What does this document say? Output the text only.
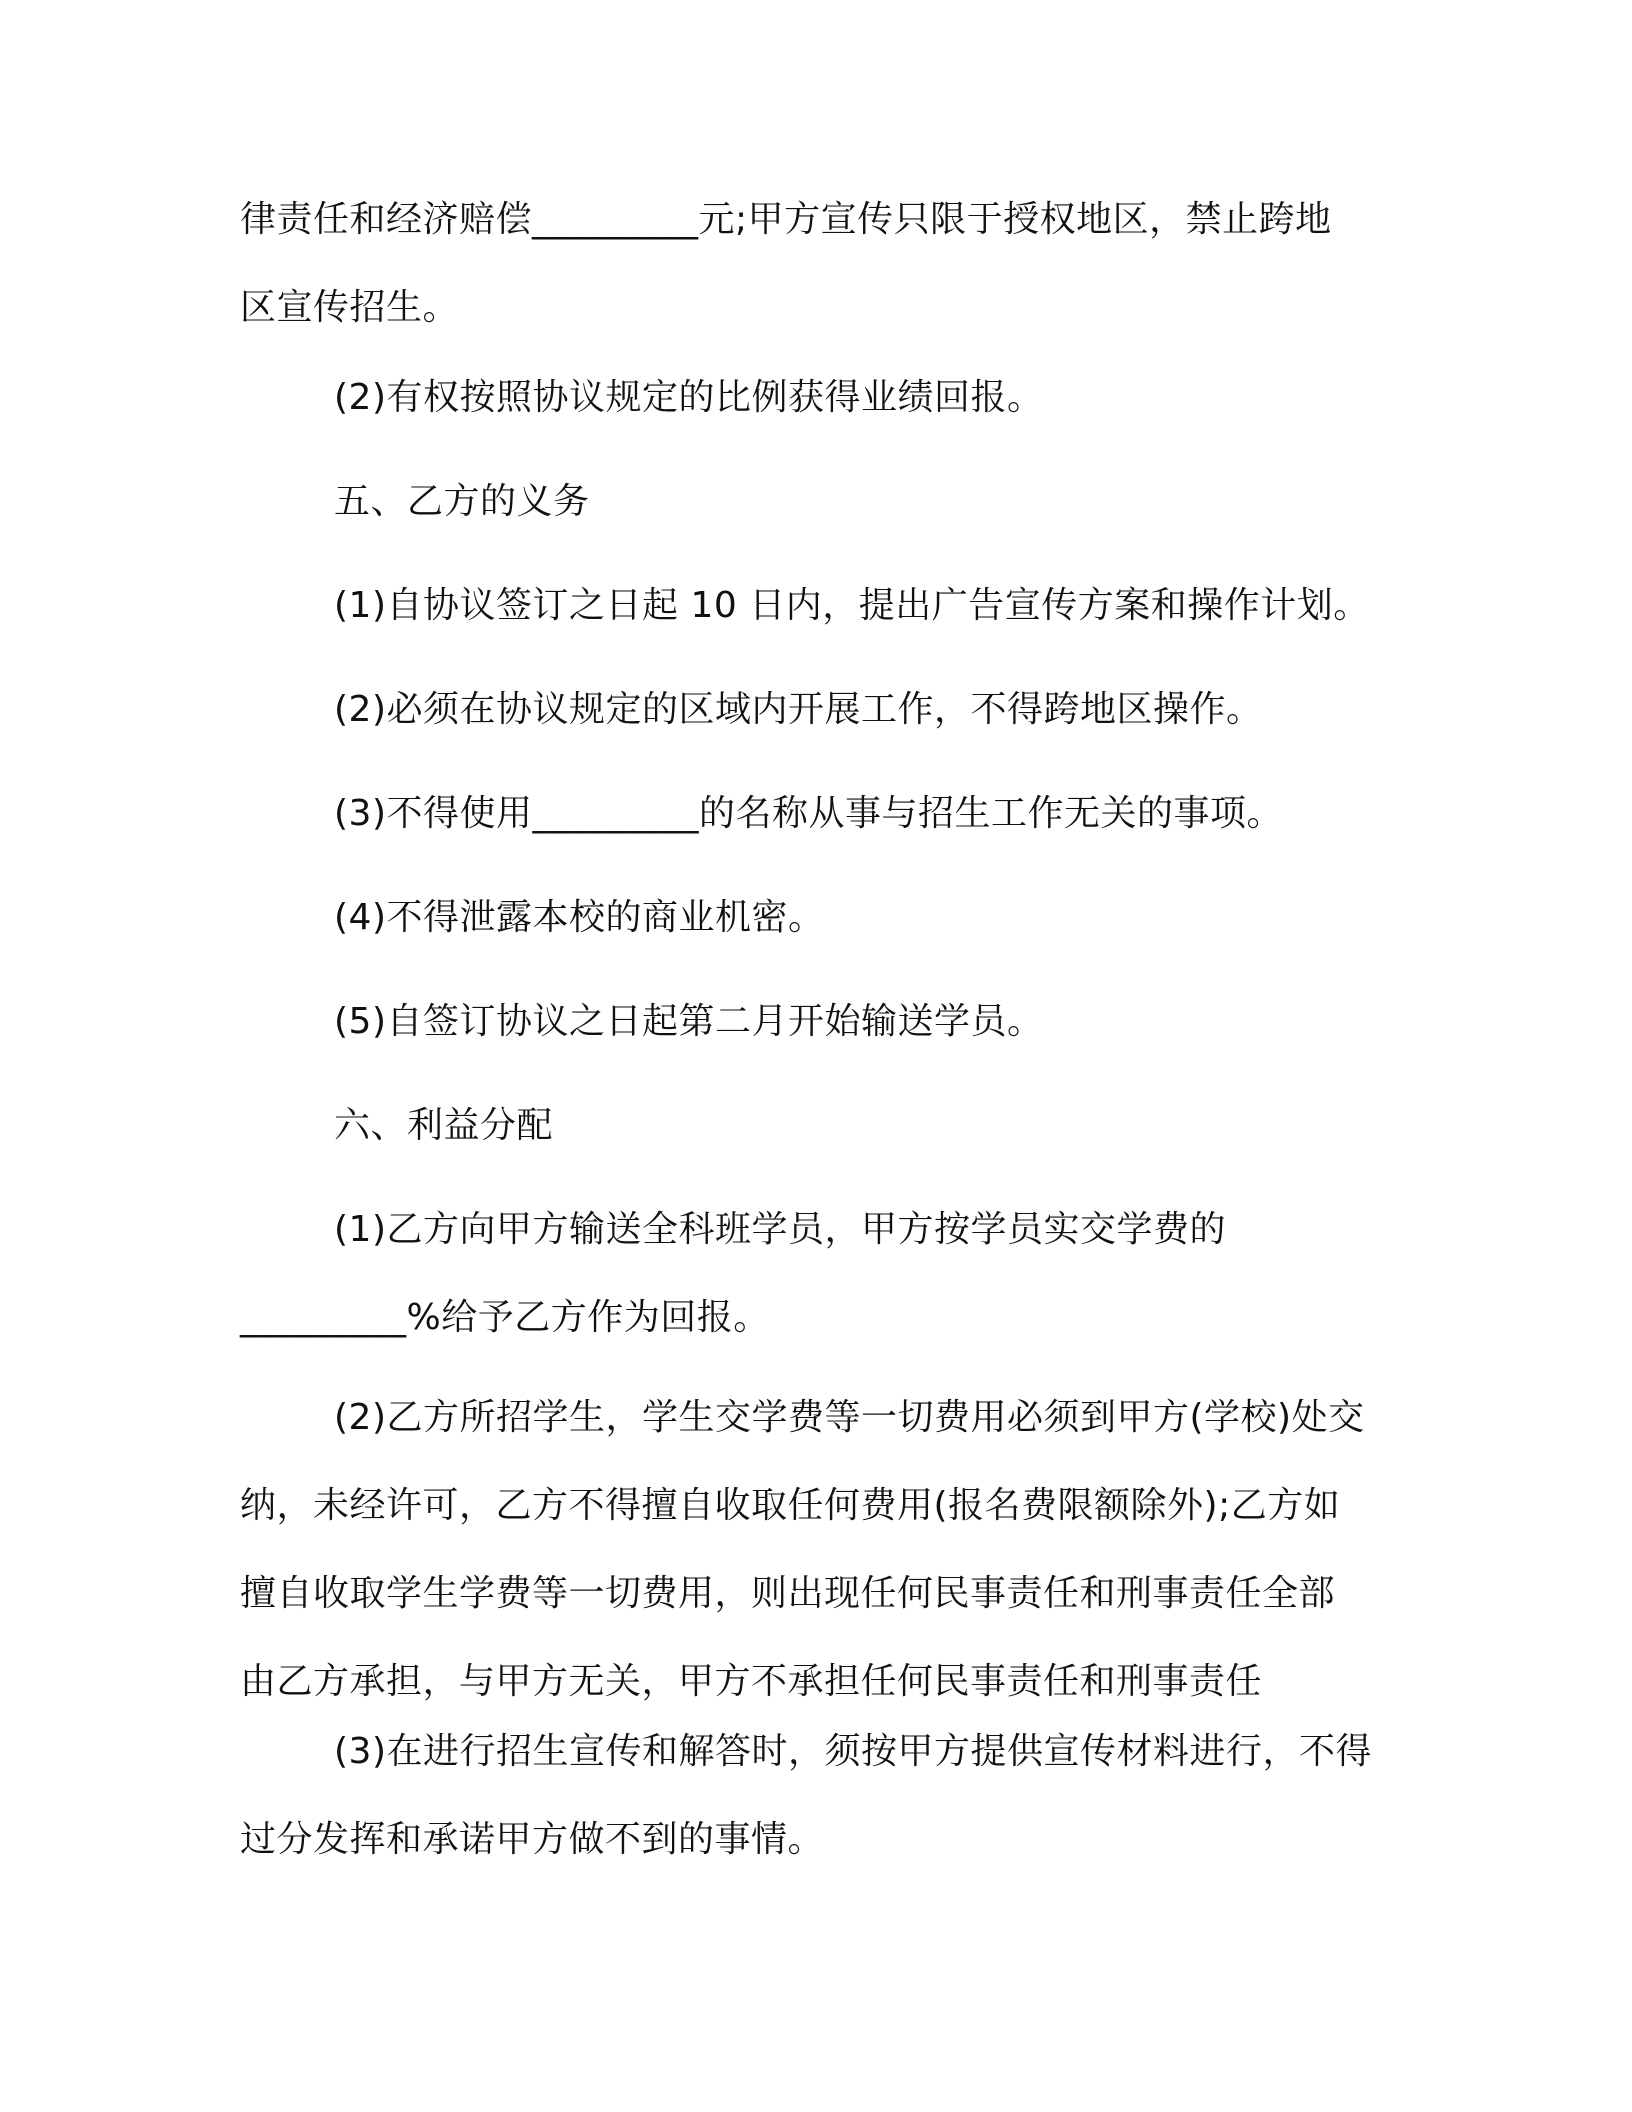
律责任和经济赔偿_________元;甲方宣传只限于授权地区，禁止跨地
区宣传招生。
(2)有权按照协议规定的比例获得业绩回报。
五、乙方的义务
(1)自协议签订之日起 10 日内，提出广告宣传方案和操作计划。
(2)必须在协议规定的区域内开展工作，不得跨地区操作。
(3)不得使用_________的名称从事与招生工作无关的事项。
(4)不得泄露本校的商业机密。
(5)自签订协议之日起第二月开始输送学员。
六、利益分配
(1)乙方向甲方输送全科班学员，甲方按学员实交学费的
_________%给予乙方作为回报。
(2)乙方所招学生，学生交学费等一切费用必须到甲方(学校)处交
纳，未经许可，乙方不得擅自收取任何费用(报名费限额除外);乙方如
擅自收取学生学费等一切费用，则出现任何民事责任和刑事责任全部
由乙方承担，与甲方无关，甲方不承担任何民事责任和刑事责任
(3)在进行招生宣传和解答时，须按甲方提供宣传材料进行，不得
过分发挥和承诺甲方做不到的事情。
